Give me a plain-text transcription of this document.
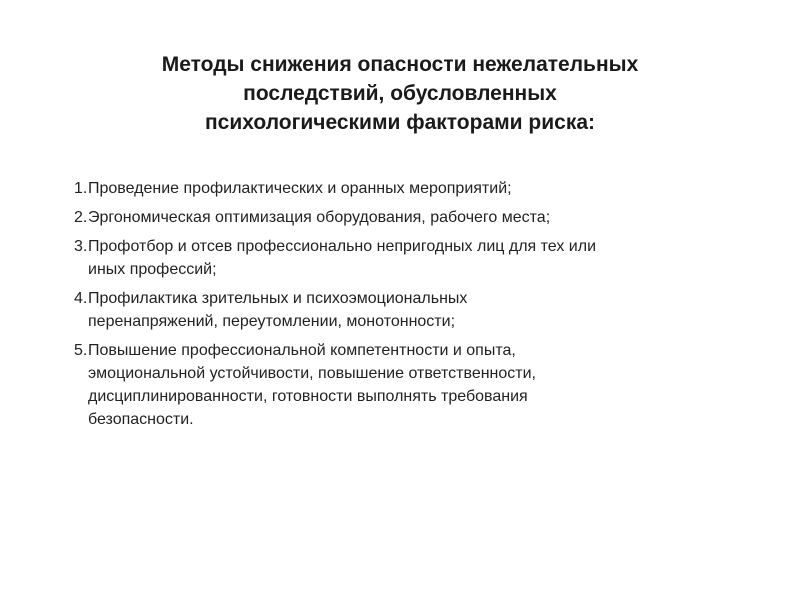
Методы снижения опасности нежелательных
последствий, обусловленных
психологическими факторами риска:
1. Проведение профилактических и оранных мероприятий;
2. Эргономическая оптимизация оборудования, рабочего места;
3. Профотбор и отсев профессионально непригодных лиц для тех или
иных профессий;
4. Профилактика зрительных и психоэмоциональных
перенапряжений, переутомлении, монотонности;
5. Повышение профессиональной компетентности и опыта,
эмоциональной устойчивости, повышение ответственности,
дисциплинированности, готовности выполнять требования
безопасности.
